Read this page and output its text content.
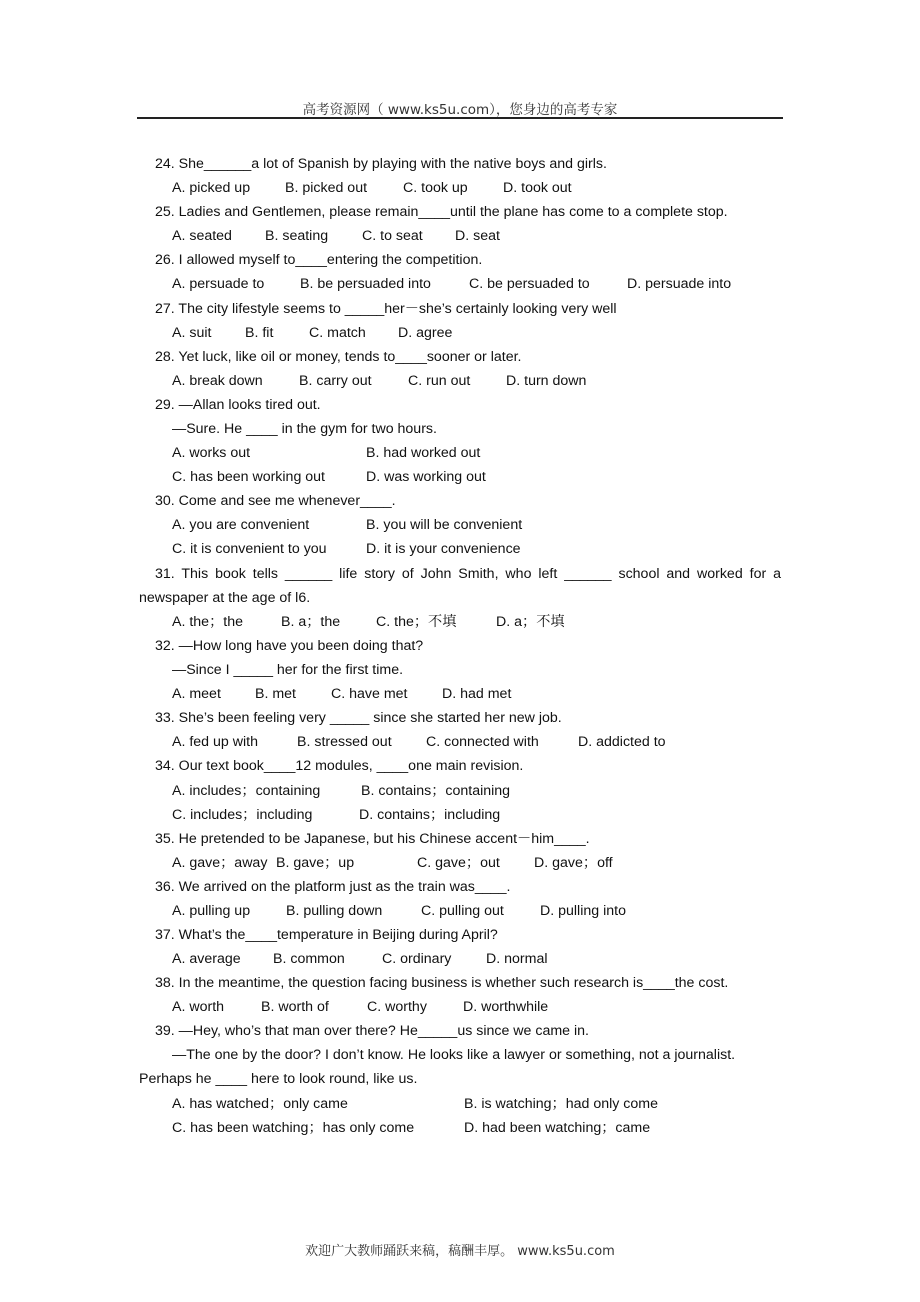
高考资源网（ www.ks5u.com），您身边的高考专家
24. She______a lot of Spanish by playing with the native boys and girls.
A. picked up B. picked out	C. took up D. took out
25. Ladies and Gentlemen, please remain____until the plane has come to a complete stop.
A. seated B. seating C. to seat D. seat
26. I allowed myself to____entering the competition.
A. persuade to	B. be persuaded into	C. be persuaded to	D. persuade into
27. The city lifestyle seems to _____her－she’s certainly looking very well
A. suit B. fit	C. match D. agree
28. Yet luck, like oil or money, tends to____sooner or later.
A. break down	B. carry out	C. run out	D. turn down
29. —Allan looks tired out.
—Sure. He ____ in the gym for two hours.
A. works out	B. had worked out
C. has been working out	D. was working out
30. Come and see me whenever____.
A. you are convenient	B. you will be convenient
C. it is convenient to you	D. it is your convenience
31. This book tells ______ life story of John Smith, who left ______ school and worked for a
newspaper at the age of l6.
A. the；the	B. a；the	C. the；不填	D. a；不填
32. —How long have you been doing that?
—Since I _____ her for the first time.
A. meet B. met C. have met D. had met
33. She’s been feeling very _____ since she started her new job.
A. fed up with	B. stressed out C. connected with	D. addicted to
34. Our text book____12 modules, ____one main revision.
A. includes；containing	B. contains；containing
C. includes；including	D. contains；including
35. He pretended to be Japanese, but his Chinese accent－him____.
A. gave；away B. gave；up	C. gave；out D. gave；off
36. We arrived on the platform just as the train was____.
A. pulling up	B. pulling down	C. pulling out	D. pulling into
37. What’s the____temperature in Beijing during April?
A. average B. common	C. ordinary D. normal
38. In the meantime, the question facing business is whether such research is____the cost.
A. worth	B. worth of	C. worthy	D. worthwhile
39. —Hey, who’s that man over there? He_____us since we came in.
—The one by the door? I don’t know. He looks like a lawyer or something, not a journalist.
Perhaps he ____ here to look round, like us.
A. has watched；only came	B. is watching；had only come
C. has been watching；has only come	D. had been watching；came
欢迎广大教师踊跃来稿，稿酬丰厚。 www.ks5u.com
